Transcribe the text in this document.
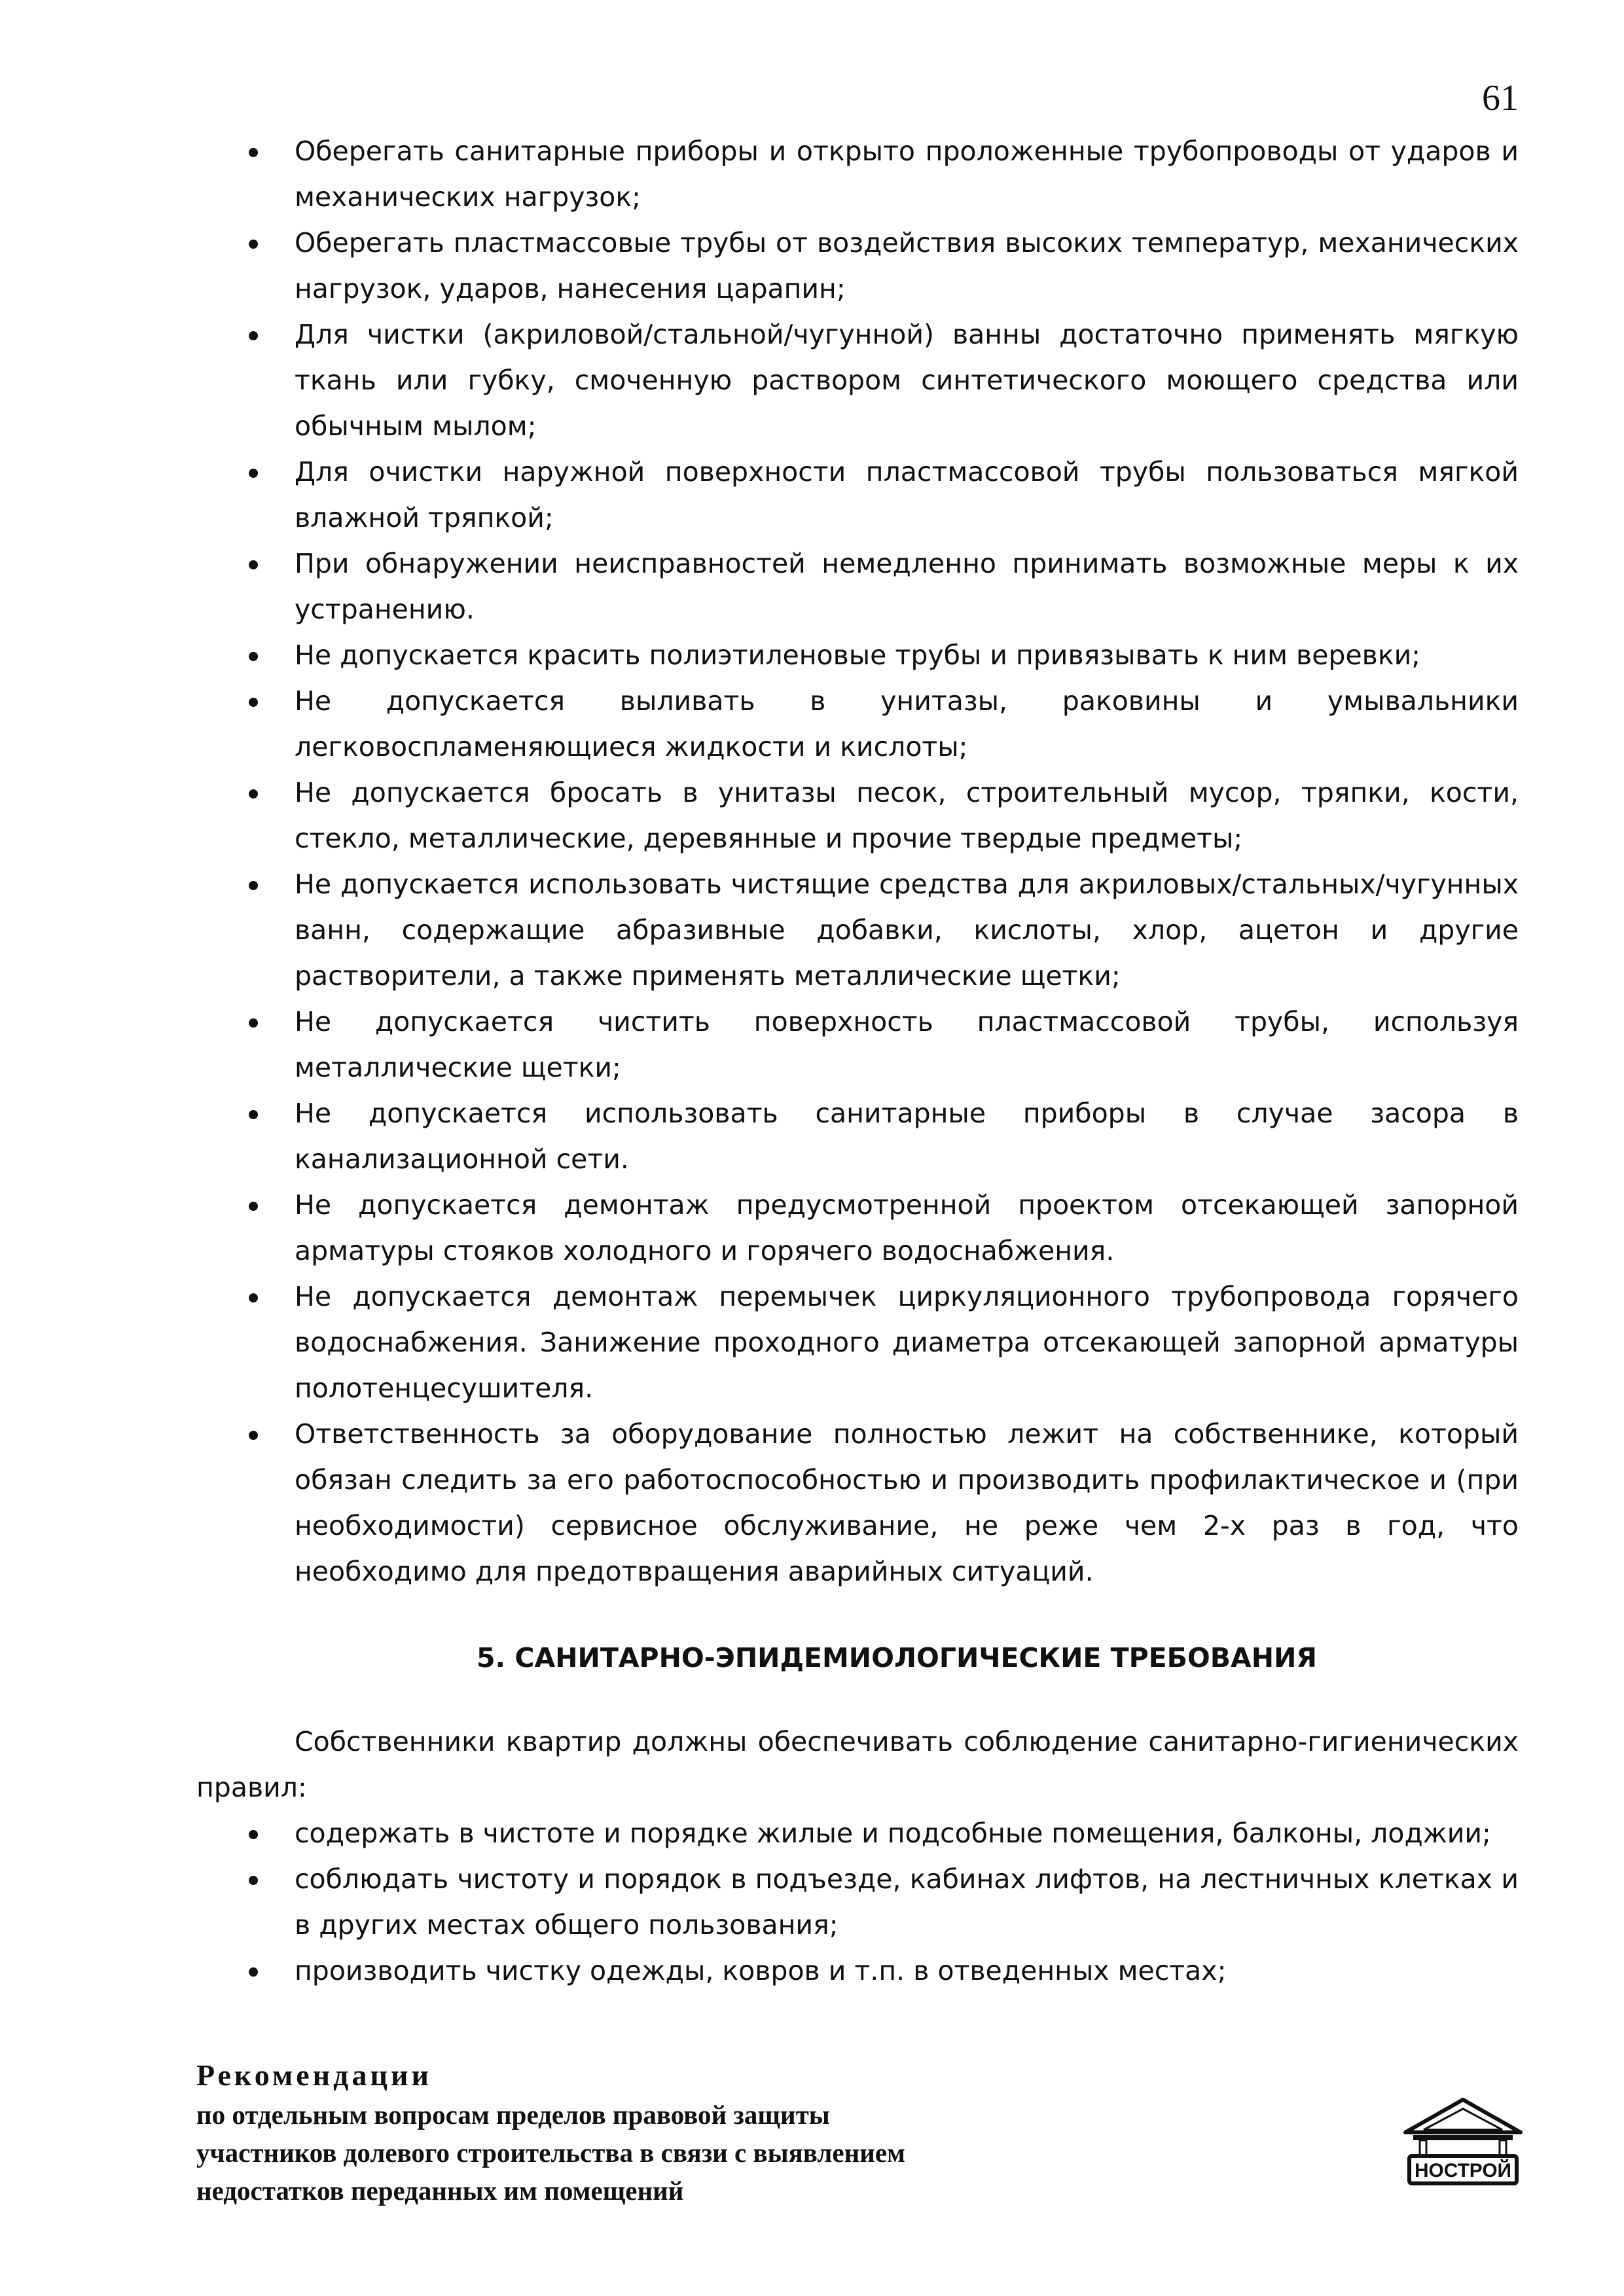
61
Оберегать санитарные приборы и открыто проложенные трубопроводы от ударов и механических нагрузок;
Оберегать пластмассовые трубы от воздействия высоких температур, механических нагрузок, ударов, нанесения царапин;
Для чистки (акриловой/стальной/чугунной) ванны достаточно применять мягкую ткань или губку, смоченную раствором синтетического моющего средства или обычным мылом;
Для очистки наружной поверхности пластмассовой трубы пользоваться мягкой влажной тряпкой;
При обнаружении неисправностей немедленно принимать возможные меры к их устранению.
Не допускается красить полиэтиленовые трубы и привязывать к ним веревки;
Не допускается выливать в унитазы, раковины и умывальники легковоспламеняющиеся жидкости и кислоты;
Не допускается бросать в унитазы песок, строительный мусор, тряпки, кости, стекло, металлические, деревянные и прочие твердые предметы;
Не допускается использовать чистящие средства для акриловых/стальных/чугунных ванн, содержащие абразивные добавки, кислоты, хлор, ацетон и другие растворители, а также применять металлические щетки;
Не допускается чистить поверхность пластмассовой трубы, используя металлические щетки;
Не допускается использовать санитарные приборы в случае засора в канализационной сети.
Не допускается демонтаж предусмотренной проектом отсекающей запорной арматуры стояков холодного и горячего водоснабжения.
Не допускается демонтаж перемычек циркуляционного трубопровода горячего водоснабжения. Занижение проходного диаметра отсекающей запорной арматуры полотенцесушителя.
Ответственность за оборудование полностью лежит на собственнике, который обязан следить за его работоспособностью и производить профилактическое и (при необходимости) сервисное обслуживание, не реже чем 2-х раз в год, что необходимо для предотвращения аварийных ситуаций.
5. САНИТАРНО-ЭПИДЕМИОЛОГИЧЕСКИЕ ТРЕБОВАНИЯ

Собственники квартир должны обеспечивать соблюдение санитарно-гигиенических правил:

содержать в чистоте и порядке жилые и подсобные помещения, балконы, лоджии;
соблюдать чистоту и порядок в подъезде, кабинах лифтов, на лестничных клетках и в других местах общего пользования;
производить чистку одежды, ковров и т.п. в отведенных местах;
Рекомендации
по отдельным вопросам пределов правовой защиты
участников долевого строительства в связи с выявлением
недостатков переданных им помещений
НОСТРОЙ
